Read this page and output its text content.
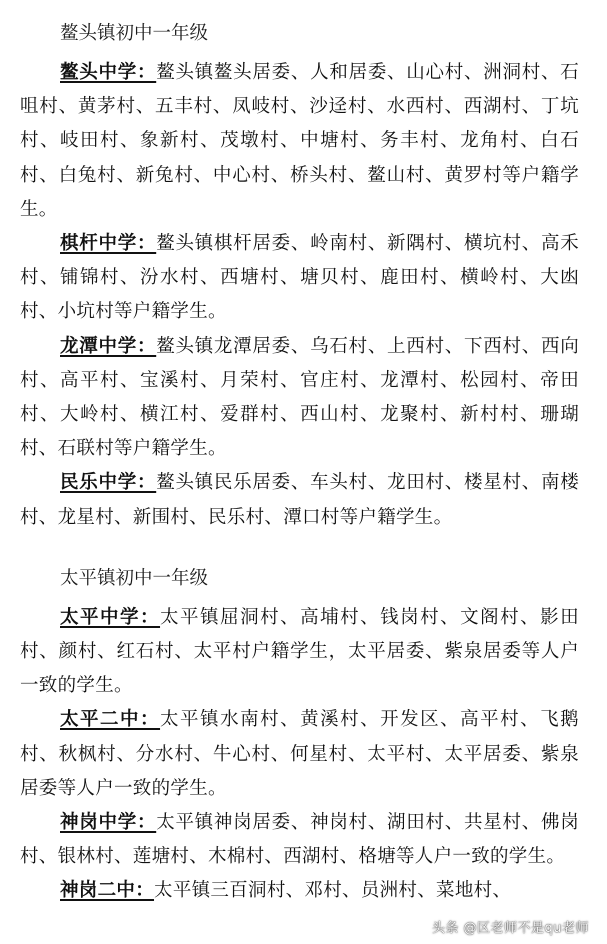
鳌头镇初中一年级

鳌头中学：鳌头镇鳌头居委、人和居委、山心村、洲洞村、石咀村、黄茅村、五丰村、凤岐村、沙迳村、水西村、西湖村、丁坑村、岐田村、象新村、茂墩村、中塘村、务丰村、龙角村、白石村、白兔村、新兔村、中心村、桥头村、鳌山村、黄罗村等户籍学生。

棋杆中学：鳌头镇棋杆居委、岭南村、新隅村、横坑村、高禾村、铺锦村、汾水村、西塘村、塘贝村、鹿田村、横岭村、大凼村、小坑村等户籍学生。

龙潭中学：鳌头镇龙潭居委、乌石村、上西村、下西村、西向村、高平村、宝溪村、月荣村、官庄村、龙潭村、松园村、帝田村、大岭村、横江村、爱群村、西山村、龙聚村、新村村、珊瑚村、石联村等户籍学生。

民乐中学：鳌头镇民乐居委、车头村、龙田村、楼星村、南楼村、龙星村、新围村、民乐村、潭口村等户籍学生。

太平镇初中一年级

太平中学：太平镇屈洞村、高埔村、钱岗村、文阁村、影田村、颜村、红石村、太平村户籍学生，太平居委、紫泉居委等人户一致的学生。

太平二中：太平镇水南村、黄溪村、开发区、高平村、飞鹅村、秋枫村、分水村、牛心村、何星村、太平村、太平居委、紫泉居委等人户一致的学生。

神岗中学：太平镇神岗居委、神岗村、湖田村、共星村、佛岗村、银林村、莲塘村、木棉村、西湖村、格塘等人户一致的学生。

神岗二中：太平镇三百洞村、邓村、员洲村、菜地村、

头条 @区老师不是qu老师
